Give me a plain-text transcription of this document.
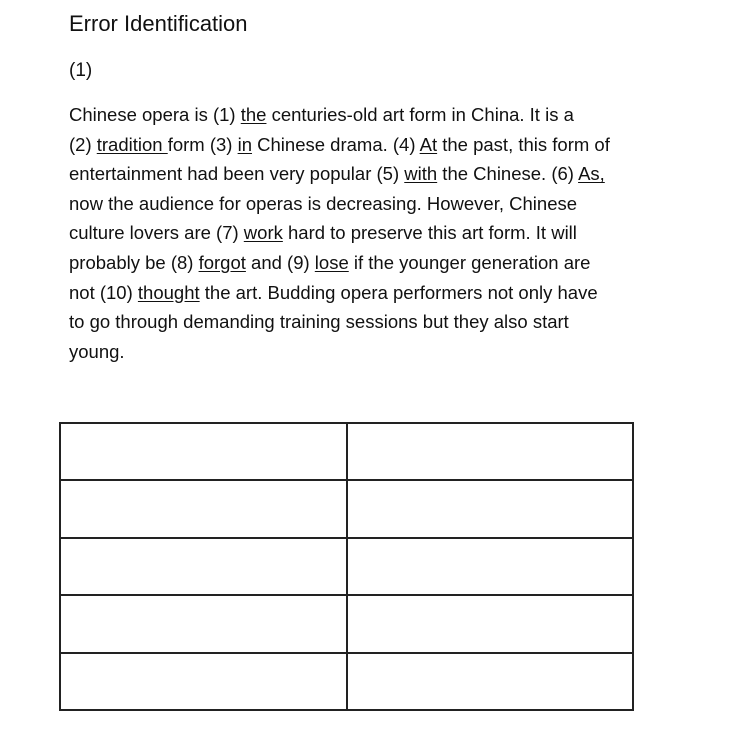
Error Identification
(1)
Chinese opera is (1) the centuries-old art form in China. It is a
(2) tradition form (3) in Chinese drama. (4) At the past, this form of
entertainment had been very popular (5) with the Chinese. (6) As,
now the audience for operas is decreasing. However, Chinese
culture lovers are (7) work hard to preserve this art form. It will
probably be (8) forgot and (9) lose if the younger generation are
not (10) thought the art. Budding opera performers not only have
to go through demanding training sessions but they also start
young.
